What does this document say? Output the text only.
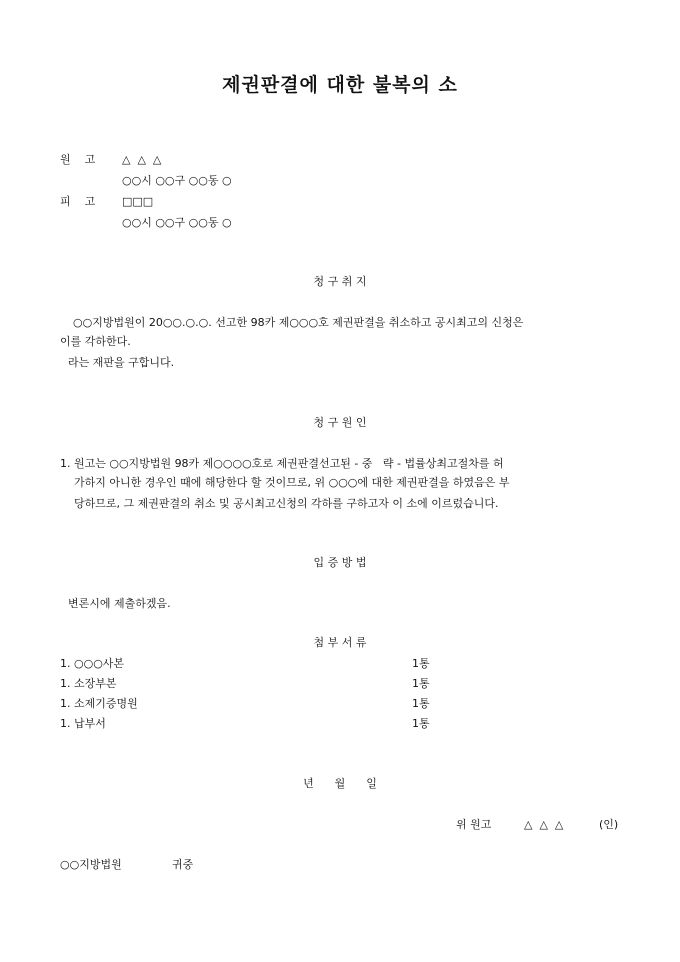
제권판결에 대한 불복의 소
원    고 △  △  △
○○시 ○○구 ○○동 ○
피    고 □□□
○○시 ○○구 ○○동 ○
청 구 취 지
○○지방법원이 20○○.○.○. 선고한 98카 제○○○호 제권판결을 취소하고 공시최고의 신청은
이를 각하한다.
라는 재판을 구합니다.
청 구 원 인
1. 원고는 ○○지방법원 98카 제○○○○호로 제권판결선고된 - 중   략 - 법률상최고절차를 허
가하지 아니한 경우인 때에 해당한다 할 것이므로, 위 ○○○에 대한 제권판결을 하였음은 부
당하므로, 그 제권판결의 취소 및 공시최고신청의 각하를 구하고자 이 소에 이르렀습니다.
입 증 방 법
변론시에 제출하겠음.
첨 부 서 류
1. ○○○사본	1통
1. 소장부본	1통
1. 소제기증명원	1통
1. 납부서	1통
년      월      일
위 원고	△  △  △	(인)
○○지방법원	귀중
